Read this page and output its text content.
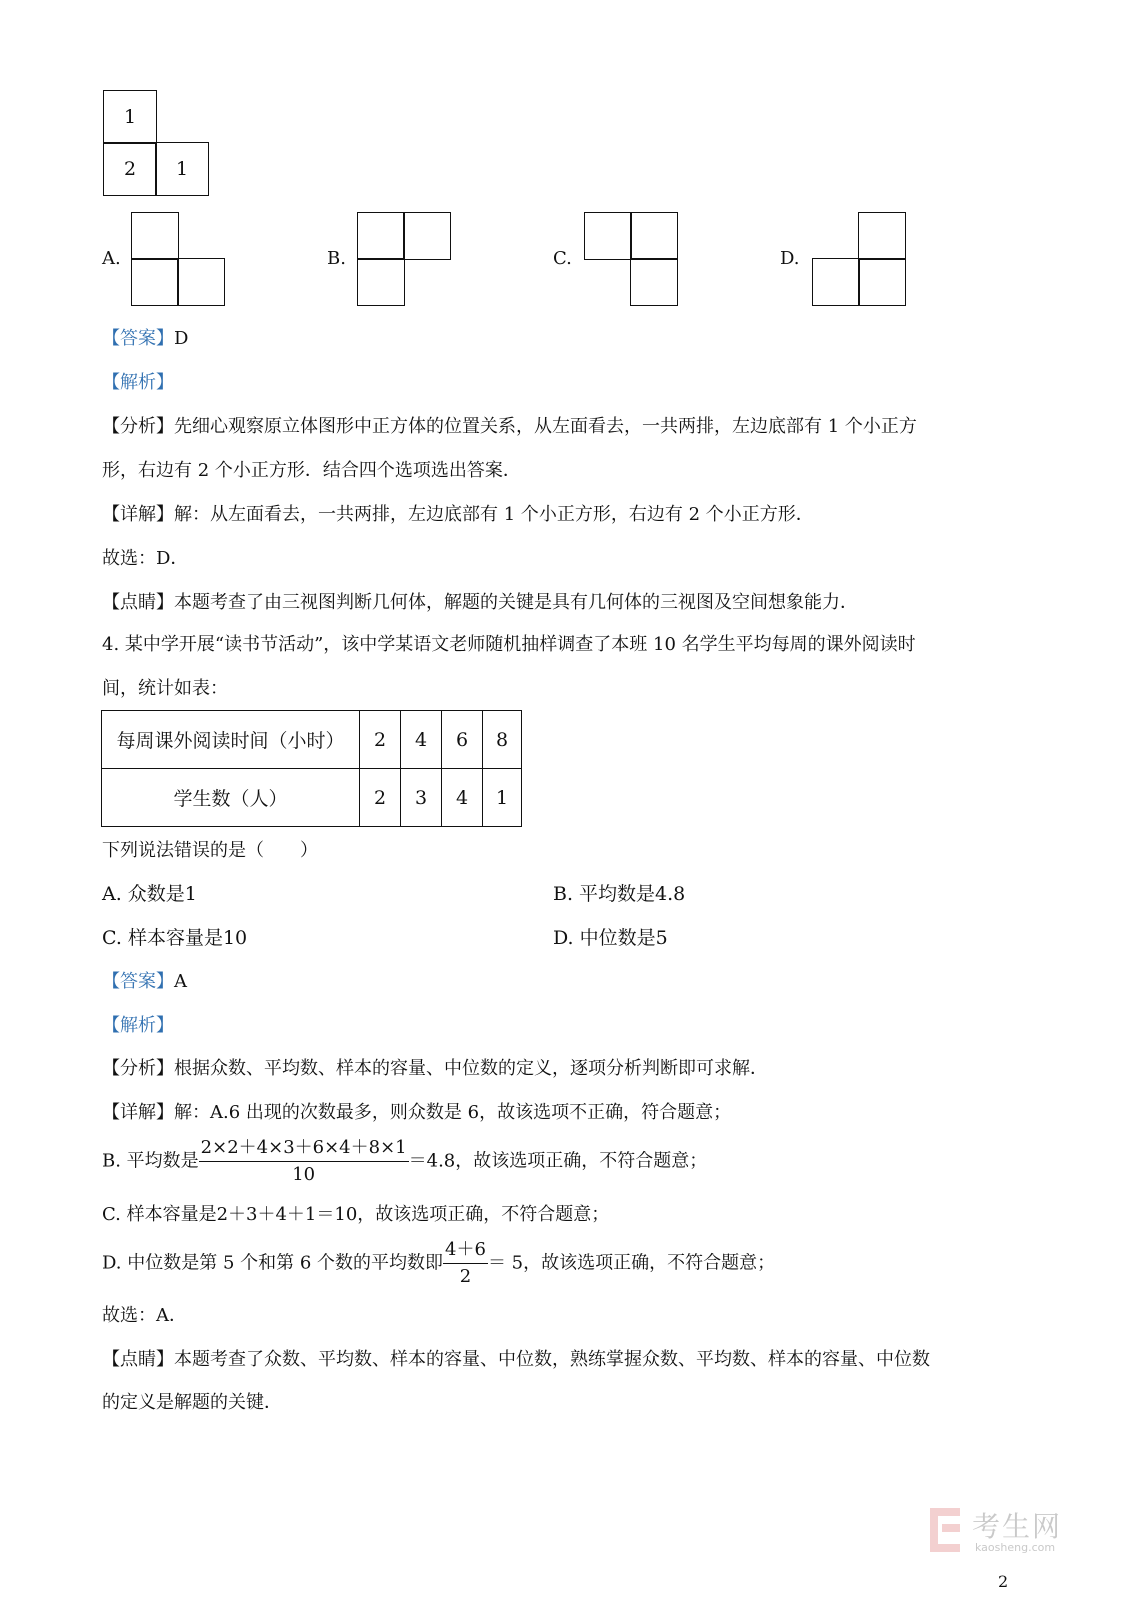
1
2 1
A.	B.	C.	D.
【答案】D
【解析】
【分析】先细心观察原立体图形中正方体的位置关系，从左面看去，一共两排，左边底部有 1 个小正方
形，右边有 2 个小正方形．结合四个选项选出答案．
【详解】解：从左面看去，一共两排，左边底部有 1 个小正方形，右边有 2 个小正方形．
故选：D．
【点睛】本题考查了由三视图判断几何体，解题的关键是具有几何体的三视图及空间想象能力．
4. 某中学开展“读书节活动”，该中学某语文老师随机抽样调查了本班 10 名学生平均每周的课外阅读时
间，统计如表：
每周课外阅读时间（小时）	2	4	6	8
学生数（人）	2	3	4	1
下列说法错误的是（　　）
A. 众数是1	B. 平均数是4.8
C. 样本容量是10	D. 中位数是5
【答案】A
【解析】
【分析】根据众数、平均数、样本的容量、中位数的定义，逐项分析判断即可求解．
【详解】解：A.6 出现的次数最多，则众数是 6，故该选项不正确，符合题意；
B. 平均数是 $\frac{2\times 2+4\times 3+6\times 4+8\times 1}{10} =4.8$，故该选项正确，不符合题意；
C. 样本容量是2＋3＋4＋1＝10，故该选项正确，不符合题意；
D. 中位数是第 5 个和第 6 个数的平均数即 $\frac{4+6}{2} = 5$，故该选项正确，不符合题意；
故选：A．
【点睛】本题考查了众数、平均数、样本的容量、中位数，熟练掌握众数、平均数、样本的容量、中位数
的定义是解题的关键．
考生网
kaosheng.com
2
